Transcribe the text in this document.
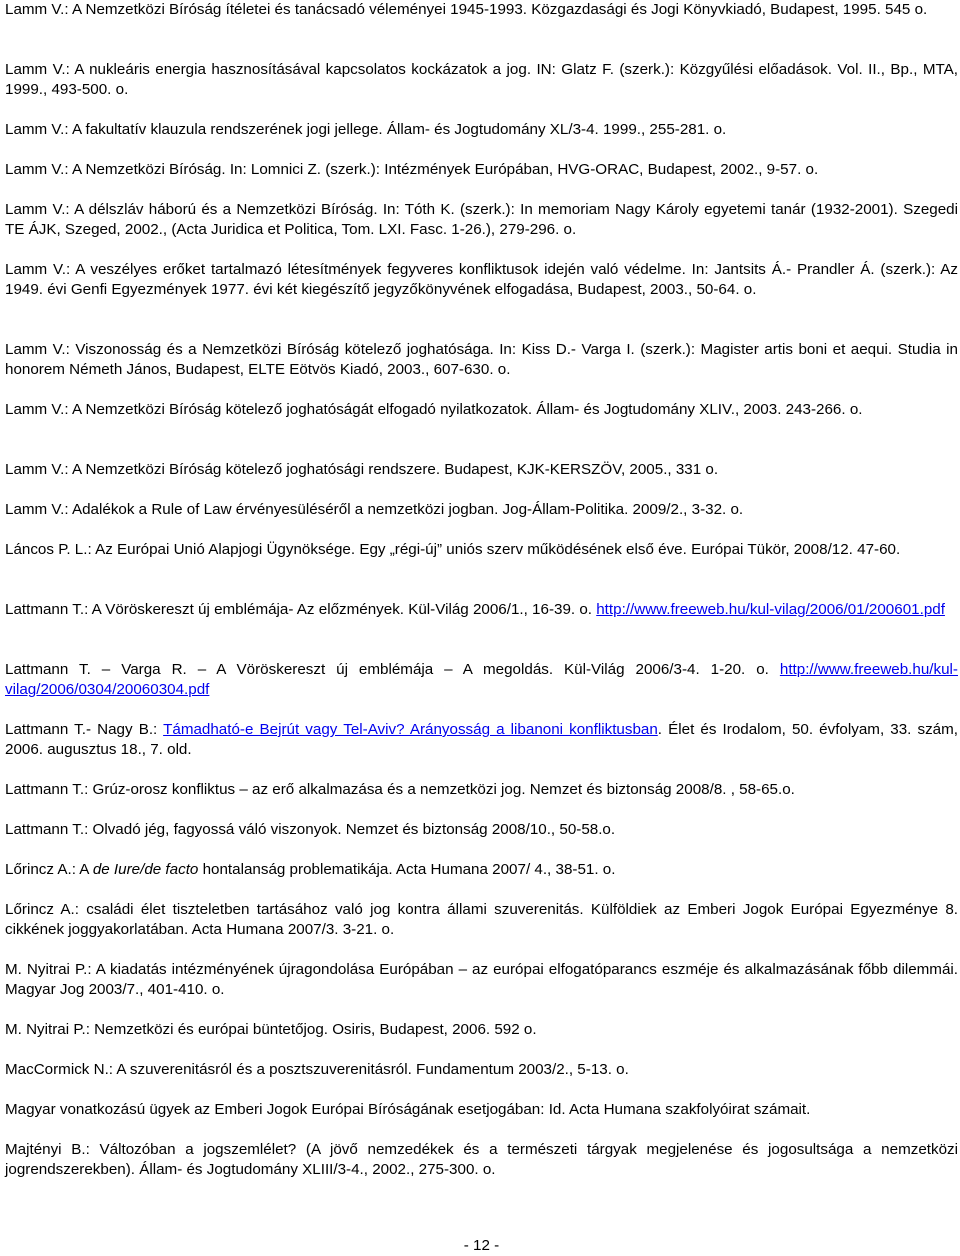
Lamm V.: A Nemzetközi Bíróság ítéletei és tanácsadó véleményei 1945-1993. Közgazdasági és Jogi Könyvkiadó, Budapest, 1995. 545 o.

Lamm V.: A nukleáris energia hasznosításával kapcsolatos kockázatok a jog. IN: Glatz F. (szerk.): Közgyűlési előadások. Vol. II., Bp., MTA, 1999., 493-500. o.

Lamm V.: A fakultatív klauzula rendszerének jogi jellege. Állam- és Jogtudomány XL/3-4. 1999., 255-281. o.

Lamm V.: A Nemzetközi Bíróság. In: Lomnici Z. (szerk.): Intézmények Európában, HVG-ORAC, Budapest, 2002., 9-57. o.

Lamm V.: A délszláv háború és a Nemzetközi Bíróság. In: Tóth K. (szerk.): In memoriam Nagy Károly egyetemi tanár (1932-2001). Szegedi TE ÁJK, Szeged, 2002., (Acta Juridica et Politica, Tom. LXI. Fasc. 1-26.), 279-296. o.

Lamm V.: A veszélyes erőket tartalmazó létesítmények fegyveres konfliktusok idején való védelme. In: Jantsits Á.- Prandler Á. (szerk.): Az 1949. évi Genfi Egyezmények 1977. évi két kiegészítő jegyzőkönyvének elfogadása, Budapest, 2003., 50-64. o.

Lamm V.: Viszonosság és a Nemzetközi Bíróság kötelező joghatósága. In: Kiss D.- Varga I. (szerk.): Magister artis boni et aequi. Studia in honorem Németh János, Budapest, ELTE Eötvös Kiadó, 2003., 607-630. o.

Lamm V.: A Nemzetközi Bíróság kötelező joghatóságát elfogadó nyilatkozatok. Állam- és Jogtudomány XLIV., 2003. 243-266. o.

Lamm V.: A Nemzetközi Bíróság kötelező joghatósági rendszere. Budapest, KJK-KERSZÖV, 2005., 331 o.

Lamm V.: Adalékok a Rule of Law érvényesüléséről a nemzetközi jogban. Jog-Állam-Politika. 2009/2., 3-32. o.

Láncos P. L.: Az Európai Unió Alapjogi Ügynöksége. Egy „régi-új” uniós szerv működésének első éve. Európai Tükör, 2008/12. 47-60.

Lattmann T.: A Vöröskereszt új emblémája- Az előzmények. Kül-Világ 2006/1., 16-39. o. http://www.freeweb.hu/kul-vilag/2006/01/200601.pdf

Lattmann T. – Varga R. – A Vöröskereszt új emblémája – A megoldás. Kül-Világ 2006/3-4. 1-20. o. http://www.freeweb.hu/kul-vilag/2006/0304/20060304.pdf

Lattmann T.- Nagy B.: Támadható-e Bejrút vagy Tel-Aviv? Arányosság a libanoni konfliktusban. Élet és Irodalom, 50. évfolyam, 33. szám, 2006. augusztus 18., 7. old.

Lattmann T.: Grúz-orosz konfliktus – az erő alkalmazása és a nemzetközi jog. Nemzet és biztonság 2008/8. , 58-65.o.

Lattmann T.: Olvadó jég, fagyossá váló viszonyok. Nemzet és biztonság 2008/10., 50-58.o.

Lőrincz A.: A de Iure/de facto hontalanság problematikája. Acta Humana 2007/ 4., 38-51. o.

Lőrincz A.: családi élet tiszteletben tartásához való jog kontra állami szuverenitás. Külföldiek az Emberi Jogok Európai Egyezménye 8. cikkének joggyakorlatában. Acta Humana 2007/3. 3-21. o.

M. Nyitrai P.: A kiadatás intézményének újragondolása Európában – az európai elfogatóparancs eszméje és alkalmazásának főbb dilemmái. Magyar Jog 2003/7., 401-410. o.

M. Nyitrai P.: Nemzetközi és európai büntetőjog. Osiris, Budapest, 2006. 592 o.

MacCormick N.: A szuverenitásról és a posztszuverenitásról. Fundamentum 2003/2., 5-13. o.

Magyar vonatkozású ügyek az Emberi Jogok Európai Bíróságának esetjogában: Id. Acta Humana szakfolyóirat számait.

Majtényi B.: Változóban a jogszemlélet? (A jövő nemzedékek és a természeti tárgyak megjelenése és jogosultsága a nemzetközi jogrendszerekben). Állam- és Jogtudomány XLIII/3-4., 2002., 275-300. o.

- 12 -
